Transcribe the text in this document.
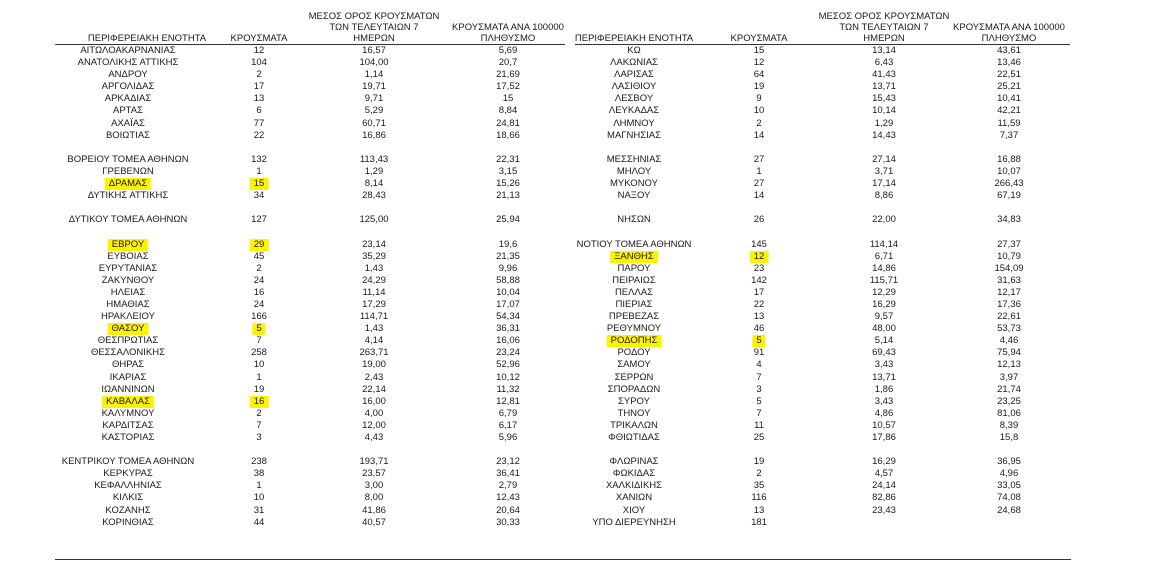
ΠΕΡΙΦΕΡΕΙΑΚΗ ΕΝΟΤΗΤΑ	ΚΡΟΥΣΜΑΤΑ
ΜΕΣΟΣ ΟΡΟΣ ΚΡΟΥΣΜΑΤΩΝ
ΤΩΝ ΤΕΛΕΥΤΑΙΩΝ 7
ΗΜΕΡΩΝ
ΚΡΟΥΣΜΑΤΑ ΑΝΑ 100000
ΠΛΗΘΥΣΜΟ
ΑΙΤΩΛΟΑΚΑΡΝΑΝΙΑΣ	12	16,57	5,69
ΑΝΑΤΟΛΙΚΗΣ ΑΤΤΙΚΗΣ	104	104,00	20,7
ΑΝΔΡΟΥ	2	1,14	21,69
ΑΡΓΟΛΙΔΑΣ	17	19,71	17,52
ΑΡΚΑΔΙΑΣ	13	9,71	15
ΑΡΤΑΣ	6	5,29	8,84
ΑΧΑΪΑΣ	77	60,71	24,81
ΒΟΙΩΤΙΑΣ	22	16,86	18,66
ΒΟΡΕΙΟΥ ΤΟΜΕΑ ΑΘΗΝΩΝ	132	113,43	22,31
ΓΡΕΒΕΝΩΝ	1	1,29	3,15
ΔΡΑΜΑΣ	15	8,14	15,26
ΔΥΤΙΚΗΣ ΑΤΤΙΚΗΣ	34	28,43	21,13
ΔΥΤΙΚΟΥ ΤΟΜΕΑ ΑΘΗΝΩΝ	127	125,00	25,94
ΕΒΡΟΥ	29	23,14	19,6
ΕΥΒΟΙΑΣ	45	35,29	21,35
ΕΥΡΥΤΑΝΙΑΣ	2	1,43	9,96
ΖΑΚΥΝΘΟΥ	24	24,29	58,88
ΗΛΕΙΑΣ	16	11,14	10,04
ΗΜΑΘΙΑΣ	24	17,29	17,07
ΗΡΑΚΛΕΙΟΥ	166	114,71	54,34
ΘΑΣΟΥ	5	1,43	36,31
ΘΕΣΠΡΩΤΙΑΣ	7	4,14	16,06
ΘΕΣΣΑΛΟΝΙΚΗΣ	258	263,71	23,24
ΘΗΡΑΣ	10	19,00	52,96
ΙΚΑΡΙΑΣ	1	2,43	10,12
ΙΩΑΝΝΙΝΩΝ	19	22,14	11,32
ΚΑΒΑΛΑΣ	16	16,00	12,81
ΚΑΛΥΜΝΟΥ	2	4,00	6,79
ΚΑΡΔΙΤΣΑΣ	7	12,00	6,17
ΚΑΣΤΟΡΙΑΣ	3	4,43	5,96
ΚΕΝΤΡΙΚΟΥ ΤΟΜΕΑ ΑΘΗΝΩΝ	238	193,71	23,12
ΚΕΡΚΥΡΑΣ	38	23,57	36,41
ΚΕΦΑΛΛΗΝΙΑΣ	1	3,00	2,79
ΚΙΛΚΙΣ	10	8,00	12,43
ΚΟΖΑΝΗΣ	31	41,86	20,64
ΚΟΡΙΝΘΙΑΣ	44	40,57	30,33
ΠΕΡΙΦΕΡΕΙΑΚΗ ΕΝΟΤΗΤΑ	ΚΡΟΥΣΜΑΤΑ
ΜΕΣΟΣ ΟΡΟΣ ΚΡΟΥΣΜΑΤΩΝ
ΤΩΝ ΤΕΛΕΥΤΑΙΩΝ 7
ΗΜΕΡΩΝ
ΚΡΟΥΣΜΑΤΑ ΑΝΑ 100000
ΠΛΗΘΥΣΜΟ
ΚΩ	15	13,14	43,61
ΛΑΚΩΝΙΑΣ	12	6,43	13,46
ΛΑΡΙΣΑΣ	64	41,43	22,51
ΛΑΣΙΘΙΟΥ	19	13,71	25,21
ΛΕΣΒΟΥ	9	15,43	10,41
ΛΕΥΚΑΔΑΣ	10	10,14	42,21
ΛΗΜΝΟΥ	2	1,29	11,59
ΜΑΓΝΗΣΙΑΣ	14	14,43	7,37
ΜΕΣΣΗΝΙΑΣ	27	27,14	16,88
ΜΗΛΟΥ	1	3,71	10,07
ΜΥΚΟΝΟΥ	27	17,14	266,43
ΝΑΞΟΥ	14	8,86	67,19
ΝΗΣΩΝ	26	22,00	34,83
ΝΟΤΙΟΥ ΤΟΜΕΑ ΑΘΗΝΩΝ	145	114,14	27,37
ΞΑΝΘΗΣ	12	6,71	10,79
ΠΑΡΟΥ	23	14,86	154,09
ΠΕΙΡΑΙΩΣ	142	115,71	31,63
ΠΕΛΛΑΣ	17	12,29	12,17
ΠΙΕΡΙΑΣ	22	16,29	17,36
ΠΡΕΒΕΖΑΣ	13	9,57	22,61
ΡΕΘΥΜΝΟΥ	46	48,00	53,73
ΡΟΔΟΠΗΣ	5	5,14	4,46
ΡΟΔΟΥ	91	69,43	75,94
ΣΑΜΟΥ	4	3,43	12,13
ΣΕΡΡΩΝ	7	13,71	3,97
ΣΠΟΡΑΔΩΝ	3	1,86	21,74
ΣΥΡΟΥ	5	3,43	23,25
ΤΗΝΟΥ	7	4,86	81,06
ΤΡΙΚΑΛΩΝ	11	10,57	8,39
ΦΘΙΩΤΙΔΑΣ	25	17,86	15,8
ΦΛΩΡΙΝΑΣ	19	16,29	36,95
ΦΩΚΙΔΑΣ	2	4,57	4,96
ΧΑΛΚΙΔΙΚΗΣ	35	24,14	33,05
ΧΑΝΙΩΝ	116	82,86	74,08
ΧΙΟΥ	13	23,43	24,68
ΥΠΟ ΔΙΕΡΕΥΝΗΣΗ	181
